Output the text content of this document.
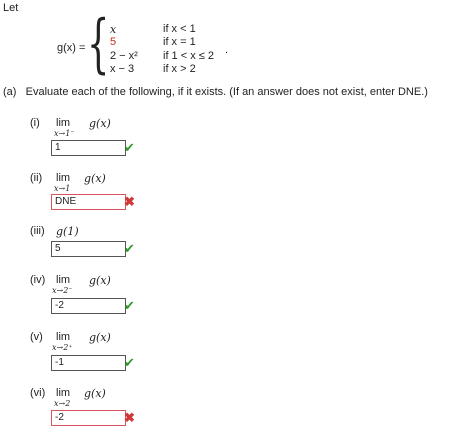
Let
g(x) = { x	if x < 1
5	if x = 1
2 − x² if 1 < x ≤ 2 .
x − 3	if x > 2
(a) Evaluate each of the following, if it exists. (If an answer does not exist, enter DNE.)
(i) lim
x→1⁻
g(x)
1	✔
(ii) lim
x→1
g(x)
DNE	✖
(iii) g(1)
5	✔
(iv) lim
x→2⁻
g(x)
-2	✔
(v) lim
x→2⁺
g(x)
-1	✔
(vi) lim
x→2
g(x)
-2	✖
